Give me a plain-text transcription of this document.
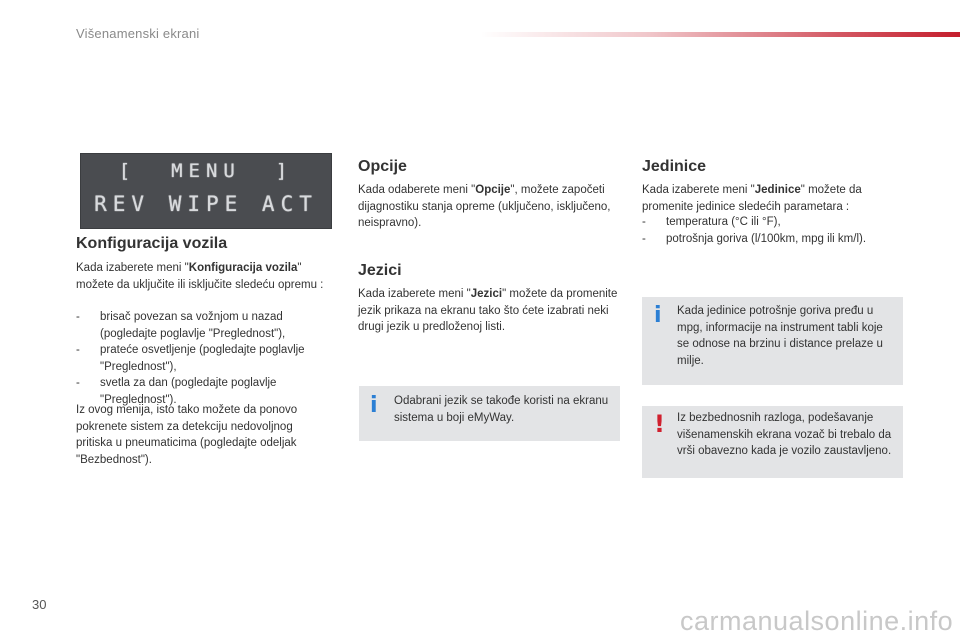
Višenamenski ekrani
[  MENU  ]
REV WIPE ACT
Konfiguracija vozila

Kada izaberete meni "Konfiguracija vozila" možete da uključite ili isključite sledeću opremu :

- brisač povezan sa vožnjom u nazad (pogledajte poglavlje "Preglednost"),
- prateće osvetljenje (pogledajte poglavlje "Preglednost"),
- svetla za dan (pogledajte poglavlje "Preglednost").

Iz ovog menija, isto tako možete da ponovo pokrenete sistem za detekciju nedovoljnog pritiska u pneumaticima (pogledajte odeljak "Bezbednost").

Opcije

Kada odaberete meni "Opcije", možete započeti dijagnostiku stanja opreme (uključeno, isključeno, neispravno).

Jezici

Kada izaberete meni "Jezici" možete da promenite jezik prikaza na ekranu tako što ćete izabrati neki drugi jezik u predloženoj listi.

i Odabrani jezik se takođe koristi na ekranu sistema u boji eMyWay.

Jedinice

Kada izaberete meni "Jedinice" možete da promenite jedinice sledećih parametara :

- temperatura (°C ili °F),
- potrošnja goriva (l/100km, mpg ili km/l).
i Kada jedinice potrošnje goriva pređu u mpg, informacije na instrument tabli koje se odnose na brzinu i distance prelaze u milje.

! Iz bezbednosnih razloga, podešavanje višenamenskih ekrana vozač bi trebalo da vrši obavezno kada je vozilo zaustavljeno.

30
carmanualsonline.info
